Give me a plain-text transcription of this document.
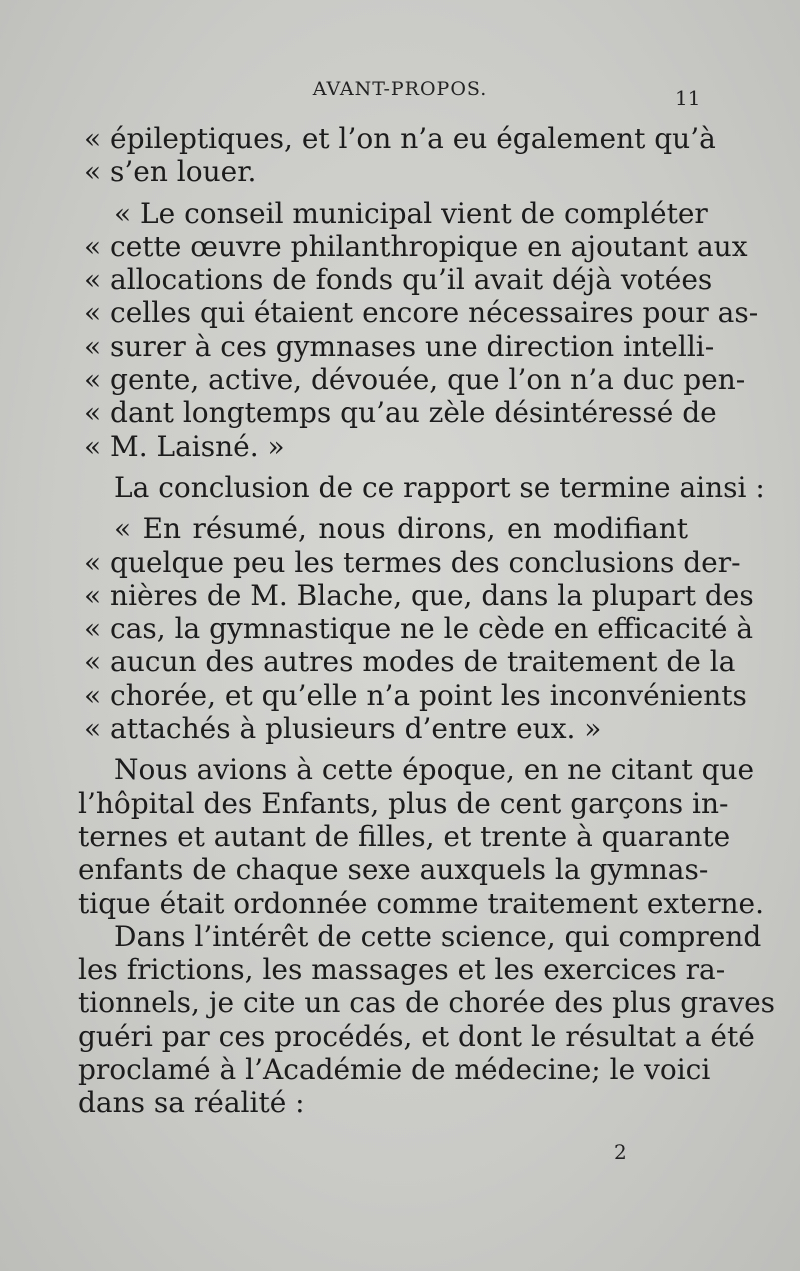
AVANT-PROPOS.	11
« épileptiques, et l’on n’a eu également qu’à
« s’en louer.
« Le conseil municipal vient de compléter
« cette œuvre philanthropique en ajoutant aux
« allocations de fonds qu’il avait déjà votées
« celles qui étaient encore nécessaires pour as-
« surer à ces gymnases une direction intelli-
« gente, active, dévouée, que l’on n’a duc pen-
« dant longtemps qu’au zèle désintéressé de
« M. Laisné. »
La conclusion de ce rapport se termine ainsi :
« En résumé, nous dirons, en modifiant
« quelque peu les termes des conclusions der-
« nières de M. Blache, que, dans la plupart des
« cas, la gymnastique ne le cède en efficacité à
« aucun des autres modes de traitement de la
« chorée, et qu’elle n’a point les inconvénients
« attachés à plusieurs d’entre eux. »
Nous avions à cette époque, en ne citant que
l’hôpital des Enfants, plus de cent garçons in-
ternes et autant de filles, et trente à quarante
enfants de chaque sexe auxquels la gymnas-
tique était ordonnée comme traitement externe.
Dans l’intérêt de cette science, qui comprend
les frictions, les massages et les exercices ra-
tionnels, je cite un cas de chorée des plus graves
guéri par ces procédés, et dont le résultat a été
proclamé à l’Académie de médecine; le voici
dans sa réalité :
2
